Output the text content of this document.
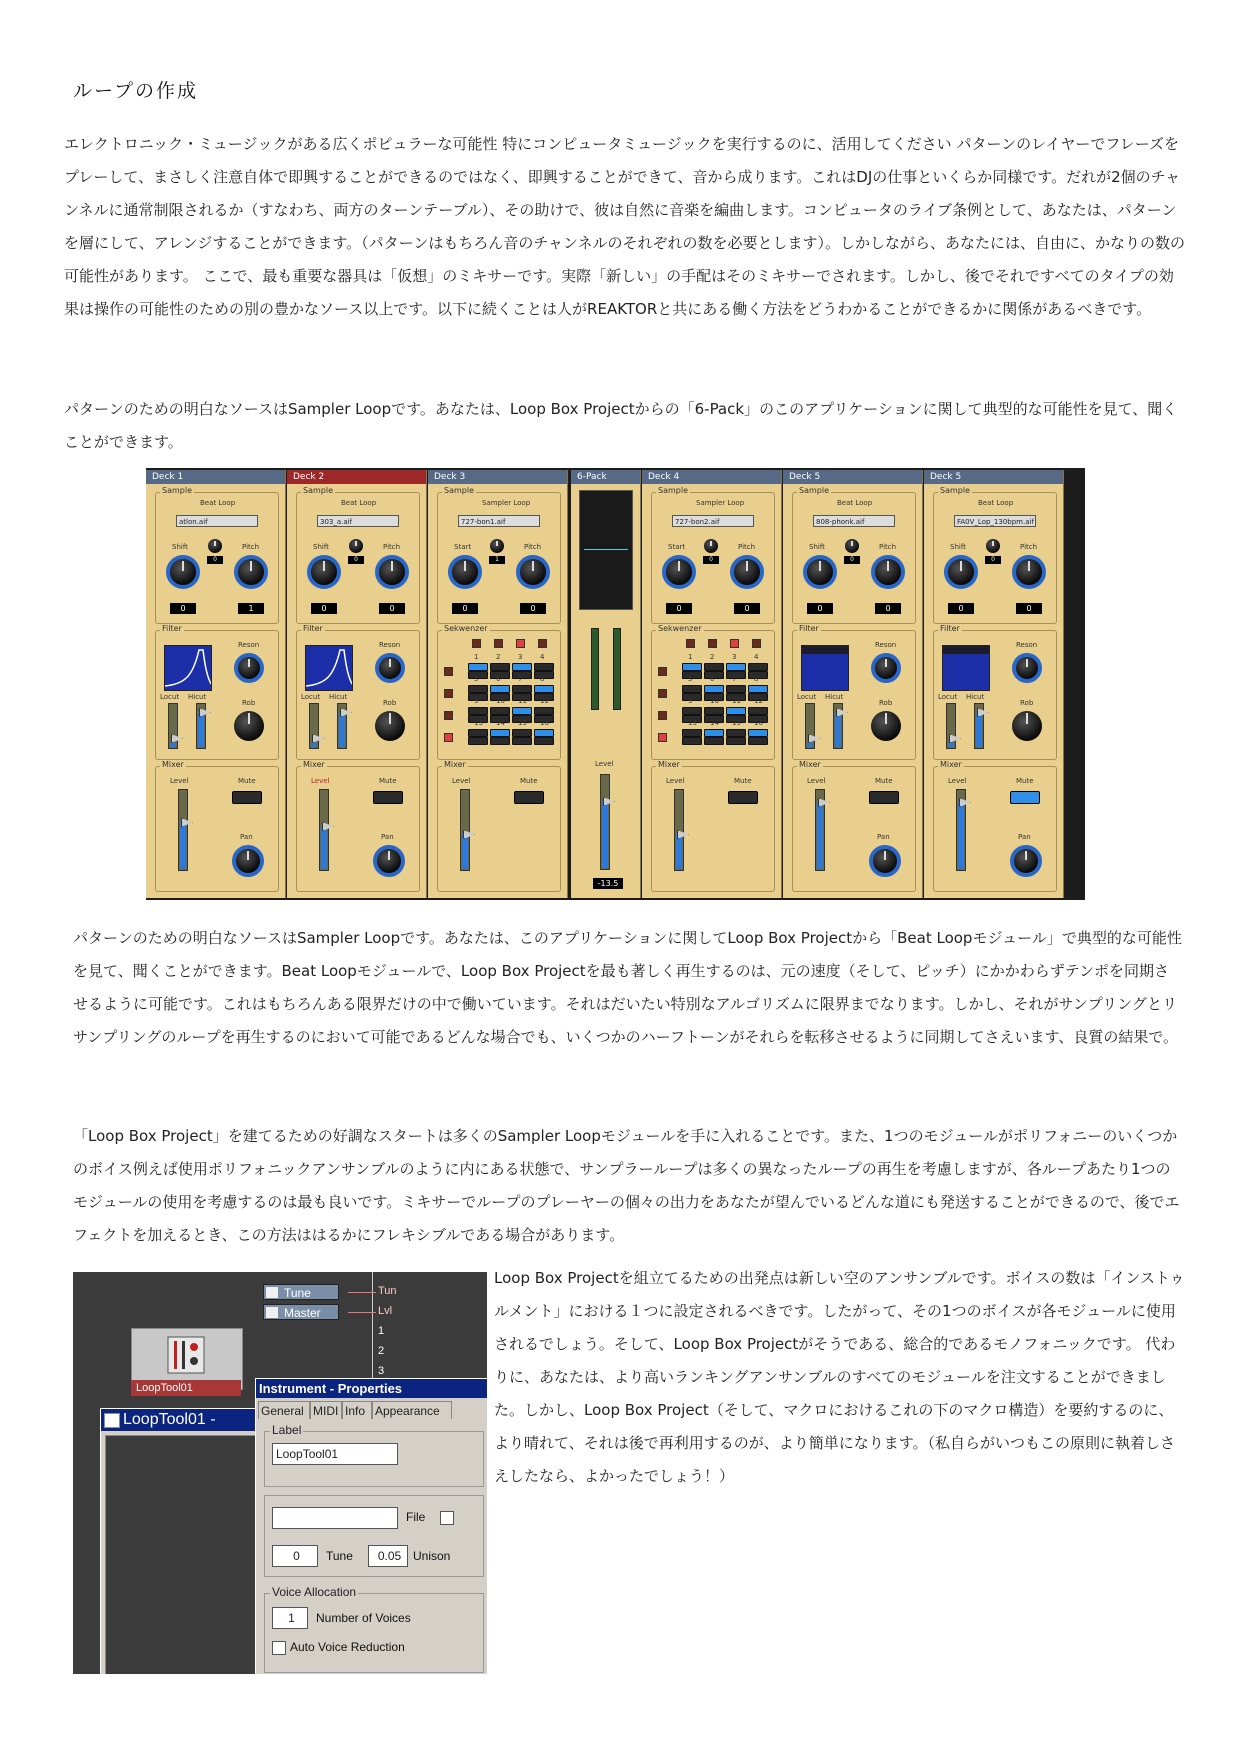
ループの作成

エレクトロニック・ミュージックがある広くポピュラーな可能性 特にコンピュータミュージックを実行するのに、活用してください パターンのレイヤーでフレーズをプレーして、まさしく注意自体で即興することができるのではなく、即興することができて、音から成ります。これはDJの仕事といくらか同様です。だれが2個のチャンネルに通常制限されるか（すなわち、両方のターンテーブル）、その助けで、彼は自然に音楽を編曲します。コンピュータのライブ条例として、あなたは、パターンを層にして、アレンジすることができます。（パターンはもちろん音のチャンネルのそれぞれの数を必要とします）。しかしながら、あなたには、自由に、かなりの数の可能性があります。 ここで、最も重要な器具は「仮想」のミキサーです。実際「新しい」の手配はそのミキサーでされます。しかし、後でそれですべてのタイプの効果は操作の可能性のための別の豊かなソース以上です。以下に続くことは人がREAKTORと共にある働く方法をどうわかることができるかに関係があるべきです。

パターンのための明白なソースはSampler Loopです。あなたは、Loop Box Projectからの「6-Pack」のこのアプリケーションに関して典型的な可能性を見て、聞くことができます。

Deck 1
Sample
Beat Loop
atlon.aif
Shift	Pitch
0
0	1
Filter
Reson
Locut Hicut
Rob
Mixer
Level	Mute
Pan
Deck 2
Sample
Beat Loop
303_a.aif
Shift	Pitch
0
0	0
Filter
Reson
Locut Hicut
Rob
Mixer
Level	Mute
Pan
Deck 3
Sample
Sampler Loop
727-bon1.aif
Start	Pitch
1
0	0
Sekwenzer
1	2	3	4
5	6	7	8
9	10 11 12
13 14 15 16
Mixer
Level	Mute
Deck 4
Sample
Sampler Loop
727-bon2.aif
Start	Pitch
0
0	0
Sekwenzer
1	2	3	4
5	6	7	8
9	10 11 12
13 14 15 16
Mixer
Level	Mute
Deck 5
Sample
Beat Loop
808-phonk.aif
Shift	Pitch
0
0	0
Filter
Reson
Locut Hicut
Rob
Mixer
Level	Mute
Pan
Deck 5
Sample
Beat Loop
FA0V_Lop_130bpm.aif
Shift	Pitch
0
0	0
Filter
Reson
Locut Hicut
Rob
Mixer
Level	Mute
Pan
6-Pack
Level
-13.5

パターンのための明白なソースはSampler Loopです。あなたは、このアプリケーションに関してLoop Box Projectから「Beat Loopモジュール」で典型的な可能性を見て、聞くことができます。Beat Loopモジュールで、Loop Box Projectを最も著しく再生するのは、元の速度（そして、ピッチ）にかかわらずテンポを同期させるように可能です。これはもちろんある限界だけの中で働いています。それはだいたい特別なアルゴリズムに限界までなります。しかし、それがサンプリングとリサンプリングのループを再生するのにおいて可能であるどんな場合でも、いくつかのハーフトーンがそれらを転移させるように同期してさえいます、良質の結果で。

「Loop Box Project」を建てるための好調なスタートは多くのSampler Loopモジュールを手に入れることです。また、1つのモジュールがポリフォニーのいくつかのボイス例えば使用ポリフォニックアンサンブルのように内にある状態で、サンプラーループは多くの異なったループの再生を考慮しますが、各ループあたり1つのモジュールの使用を考慮するのは最も良いです。ミキサーでループのプレーヤーの個々の出力をあなたが望んでいるどんな道にも発送することができるので、後でエフェクトを加えるとき、この方法ははるかにフレキシブルである場合があります。

Tune	Tun
Master	Lvl
1
2
3
LoopTool01
LoopTool01 -
Instrument - Properties
General MIDI Info Appearance
Label
LoopTool01
File
0	Tune	0.05 Unison
Voice Allocation
1	Number of Voices
Auto Voice Reduction

Loop Box Projectを組立てるための出発点は新しい空のアンサンブルです。ボイスの数は「インストゥルメント」における１つに設定されるべきです。したがって、その1つのボイスが各モジュールに使用されるでしょう。そして、Loop Box Projectがそうである、総合的であるモノフォニックです。 代わりに、あなたは、より高いランキングアンサンブルのすべてのモジュールを注文することができました。しかし、Loop Box Project（そして、マクロにおけるこれの下のマクロ構造）を要約するのに、より晴れて、それは後で再利用するのが、より簡単になります。（私自らがいつもこの原則に執着しさえしたなら、よかったでしょう！）
